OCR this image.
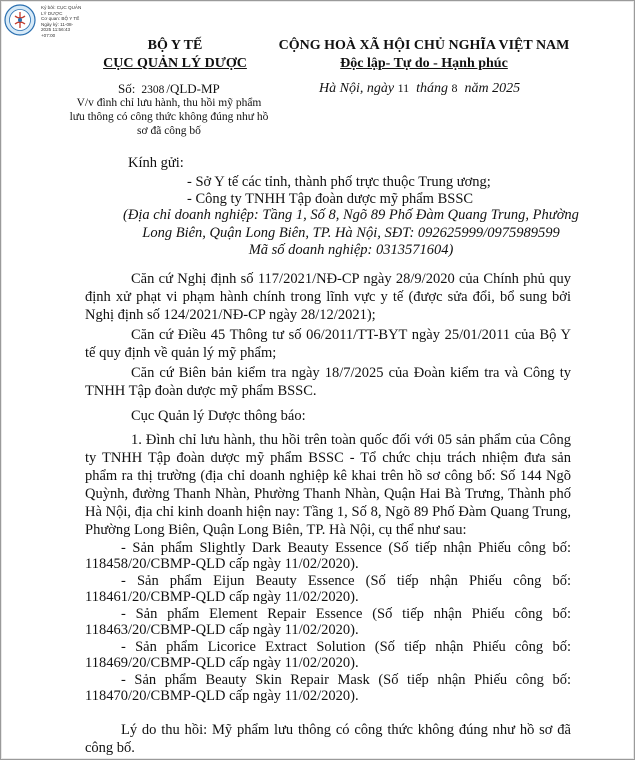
Ký bởi: CỤC QUẢN
LÝ DƯỢC
Cơ quan: BỘ Y TẾ
Ngày ký: 11-08-
2025 11:56:43
+07:00
BỘ Y TẾ
CỤC QUẢN LÝ DƯỢC
CỘNG HOÀ XÃ HỘI CHỦ NGHĨA VIỆT NAM
Độc lập- Tự do - Hạnh phúc
Số: 2308 /QLD-MP
V/v đình chỉ lưu hành, thu hồi mỹ phẩm lưu thông có công thức không đúng như hồ sơ đã công bố
Hà Nội, ngày 11 tháng 8 năm 2025
Kính gửi:
- Sở Y tế các tỉnh, thành phố trực thuộc Trung ương;
- Công ty TNHH Tập đoàn dược mỹ phẩm BSSC
(Địa chỉ doanh nghiệp: Tầng 1, Số 8, Ngõ 89 Phố Đàm Quang Trung, Phường Long Biên, Quận Long Biên, TP. Hà Nội, SĐT: 092625999/0975989599
Mã số doanh nghiệp: 0313571604)
Căn cứ Nghị định số 117/2021/NĐ-CP ngày 28/9/2020 của Chính phủ quy định xử phạt vi phạm hành chính trong lĩnh vực y tế (được sửa đổi, bổ sung bởi Nghị định số 124/2021/NĐ-CP ngày 28/12/2021);
Căn cứ Điều 45 Thông tư số 06/2011/TT-BYT ngày 25/01/2011 của Bộ Y tế quy định về quản lý mỹ phẩm;
Căn cứ Biên bản kiểm tra ngày 18/7/2025 của Đoàn kiểm tra và Công ty TNHH Tập đoàn dược mỹ phẩm BSSC.
Cục Quản lý Dược thông báo:
1. Đình chỉ lưu hành, thu hồi trên toàn quốc đối với 05 sản phẩm của Công ty TNHH Tập đoàn dược mỹ phẩm BSSC - Tổ chức chịu trách nhiệm đưa sản phẩm ra thị trường (địa chỉ doanh nghiệp kê khai trên hồ sơ công bố: Số 144 Ngõ Quỳnh, đường Thanh Nhàn, Phường Thanh Nhàn, Quận Hai Bà Trưng, Thành phố Hà Nội, địa chỉ kinh doanh hiện nay: Tầng 1, Số 8, Ngõ 89 Phố Đàm Quang Trung, Phường Long Biên, Quận Long Biên, TP. Hà Nội, cụ thể như sau:
- Sản phẩm Slightly Dark Beauty Essence (Số tiếp nhận Phiếu công bố: 118458/20/CBMP-QLD cấp ngày 11/02/2020).
- Sản phẩm Eijun Beauty Essence (Số tiếp nhận Phiếu công bố: 118461/20/CBMP-QLD cấp ngày 11/02/2020).
- Sản phẩm Element Repair Essence (Số tiếp nhận Phiếu công bố: 118463/20/CBMP-QLD cấp ngày 11/02/2020).
- Sản phẩm Licorice Extract Solution (Số tiếp nhận Phiếu công bố: 118469/20/CBMP-QLD cấp ngày 11/02/2020).
- Sản phẩm Beauty Skin Repair Mask (Số tiếp nhận Phiếu công bố: 118470/20/CBMP-QLD cấp ngày 11/02/2020).
Lý do thu hồi: Mỹ phẩm lưu thông có công thức không đúng như hồ sơ đã công bố.
